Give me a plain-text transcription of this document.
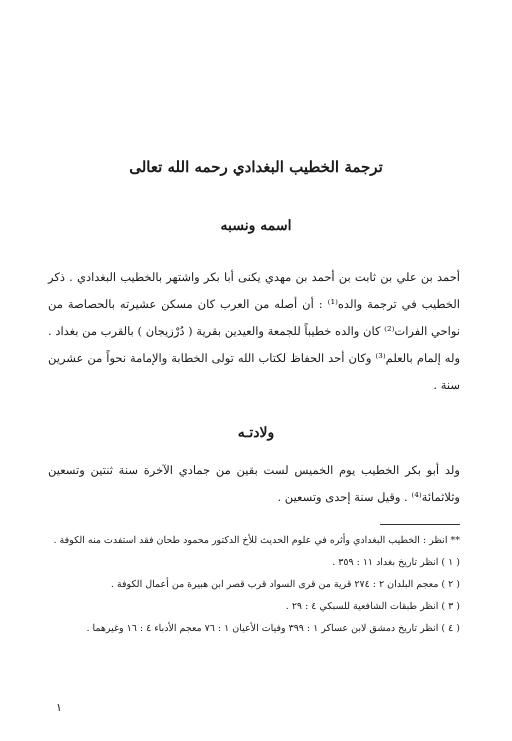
ترجمة الخطيب البغدادي رحمه الله تعالى
اسمه ونسبه

أحمد بن علي بن ثابت بن أحمد بن مهدي يكنى أبا بكر واشتهر بالخطيب البغدادي . ذكر الخطيب في ترجمة والده⁽¹⁾ : أن أصله من العرب كان مسكن عشيرته بالحصاصة من نواحي الفرات⁽²⁾ كان والده خطيباً للجمعة والعيدين بقرية ( دُرْزيجان ) بالقرب من بغداد . وله إلمام بالعلم⁽³⁾ وكان أحد الحفاظ لكتاب الله تولى الخطابة والإمامة نحواً من عشرين سنة .

ولادتـه

ولد أبو بكر الخطيب يوم الخميس لست بقين من جمادي الآخرة سنة ثنتين وتسعين وثلاثمائة⁽⁴⁾ . وقيل سنة إحدى وتسعين .

** انظر : الخطيب البغدادي وأثره في علوم الحديث للأخ الدكتور محمود طحان فقد استفدت منه الكوفة .

( ١ ) انظر تاريخ بغداد ١١ : ٣٥٩ .

( ٢ ) معجم البلدان ٢ : ٢٧٤ قرية من قرى السواد قرب قصر ابن هبيرة من أعمال الكوفة .

( ٣ ) انظر طبقات الشافعية للسبكي ٤ : ٢٩ .

( ٤ ) انظر تاريخ دمشق لابن عساكر ١ : ٣٩٩ وفيات الأعيان ١ : ٧٦ معجم الأدباء ٤ : ١٦ وغيرهما .

١
